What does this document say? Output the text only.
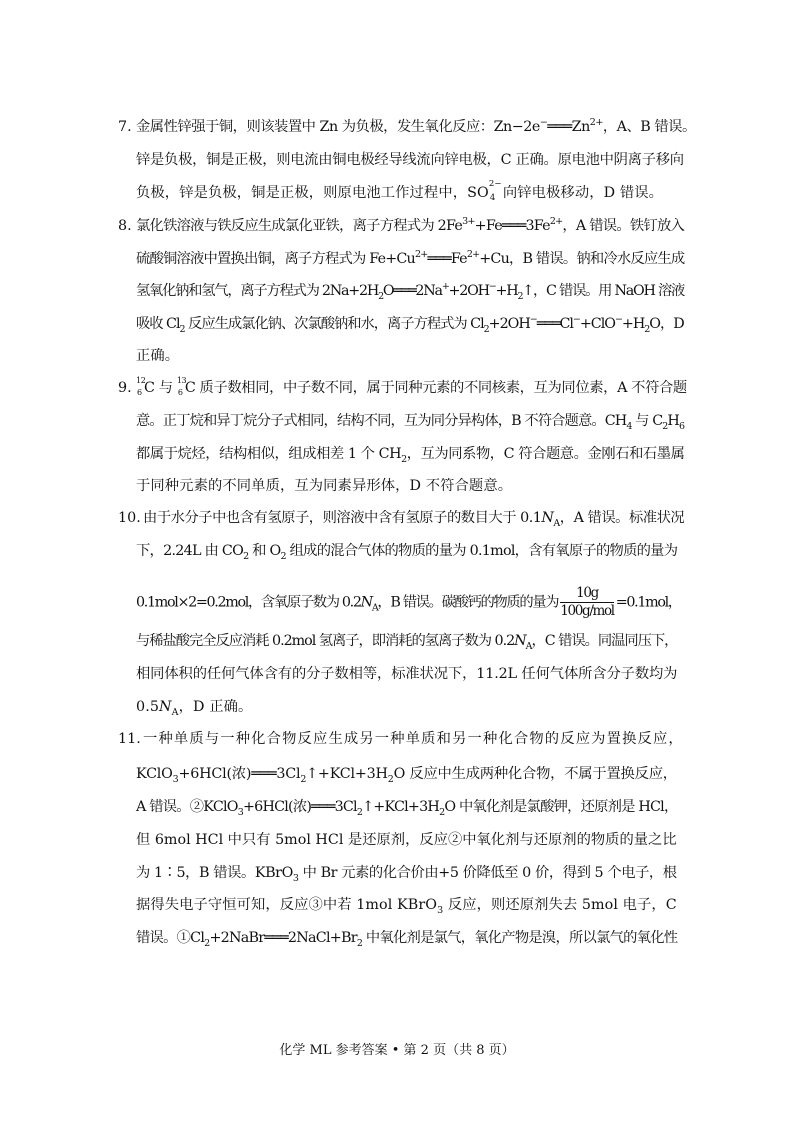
7. 金属性锌强于铜，则该装置中 Zn 为负极，发生氧化反应：$Zn-2e^-═══Zn^{2+}$，A、B 错误。
锌是负极，铜是正极，则电流由铜电极经导线流向锌电极，C 正确。原电池中阴离子移向
负极，锌是负极，铜是正极，则原电池工作过程中，SO
2−
4 向锌电极移动，D 错误。
8. 氯化铁溶液与铁反应生成氯化亚铁，离子方程式为 $2Fe^{3+}+Fe═══3Fe^{2+}$，A 错误。铁钉放入
硫酸铜溶液中置换出铜，离子方程式为 $Fe+Cu^{2+}═══Fe^{2+}+Cu$，B 错误。钠和冷水反应生成
氢氧化钠和氢气，离子方程式为 $2Na+2H_2O═══2Na^++2OH^-+H_2↑$，C 错误。用 NaOH 溶液
吸收 $Cl_2$ 反应生成氯化钠、次氯酸钠和水，离子方程式为 $Cl_2+2OH^-═══Cl^-+ClO^-+H_2O$，D
正确。
9. 12
6 C 与 13
6 C 质子数相同，中子数不同，属于同种元素的不同核素，互为同位素，A 不符合题
意。正丁烷和异丁烷分子式相同，结构不同，互为同分异构体，B 不符合题意。$CH_4$ 与 $C_2H_6$
都属于烷烃，结构相似，组成相差 1 个 $CH_2$，互为同系物，C 符合题意。金刚石和石墨属
于同种元素的不同单质，互为同素异形体，D 不符合题意。
10. 由于水分子中也含有氢原子，则溶液中含有氢原子的数目大于 $0.1N_A$，A 错误。标准状况
下，2.24L 由 $CO_2$ 和 $O_2$ 组成的混合气体的物质的量为 0.1mol，含有氧原子的物质的量为
0.1mol×2=0.2mol，含氧原子数为 $0.2N_A$，B 错误。碳酸钙的物质的量为 $\frac{10g}{\text{100g/mol}} =0.1mol$，
与稀盐酸完全反应消耗 0.2mol 氢离子，即消耗的氢离子数为 $0.2N_A$，C 错误。同温同压下，
相同体积的任何气体含有的分子数相等，标准状况下，11.2L 任何气体所含分子数均为
$0.5N_A$，D 正确。
11. 一种单质与一种化合物反应生成另一种单质和另一种化合物的反应为置换反应，
KClO$_3$+6HCl(浓)$═══3Cl_2↑+KCl+3H_2O$ 反应中生成两种化合物，不属于置换反应，
A 错误。②KClO$_3$+6HCl(浓)$═══3Cl_2↑+KCl+3H_2O$ 中氧化剂是氯酸钾，还原剂是 HCl，
但 6mol HCl 中只有 5mol HCl 是还原剂，反应②中氧化剂与还原剂的物质的量之比
为 1∶5，B 错误。KBrO$_3$ 中 Br 元素的化合价由+5 价降低至 0 价，得到 5 个电子，根
据得失电子守恒可知，反应③中若 1mol KBrO$_3$ 反应，则还原剂失去 5mol 电子，C
错误。$①Cl_2+2NaBr═══2NaCl+Br_2$ 中氧化剂是氯气，氧化产物是溴，所以氯气的氧化性
化学 ML 参考答案 • 第 2 页（共 8 页）
